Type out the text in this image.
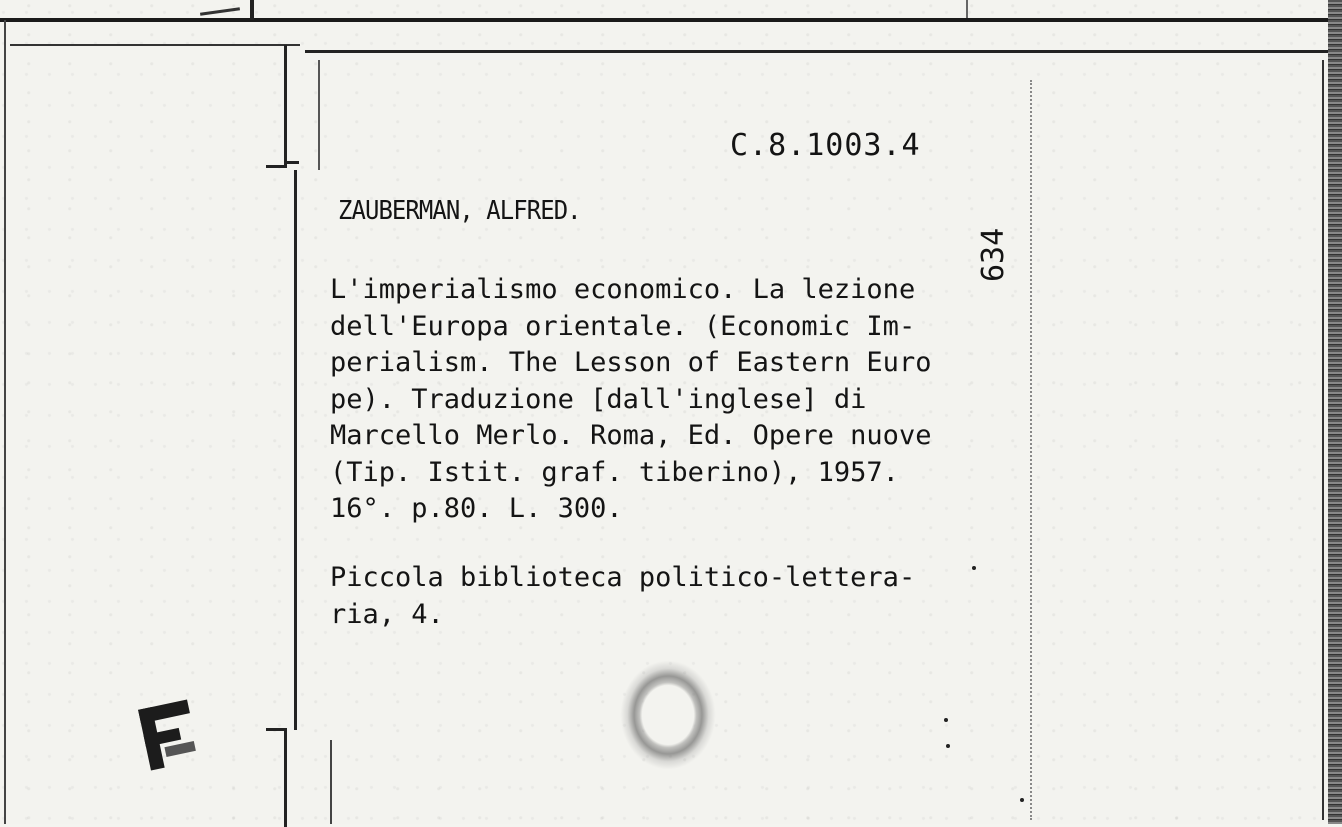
C.8.1003.4
ZAUBERMAN, ALFRED.
634
L'imperialismo economico. La lezione
dell'Europa orientale. (Economic Im-
perialism. The Lesson of Eastern Euro
pe). Traduzione [dall'inglese] di
Marcello Merlo. Roma, Ed. Opere nuove
(Tip. Istit. graf. tiberino), 1957.
16°. p.80. L. 300.
Piccola biblioteca politico-lettera-
ria, 4.
